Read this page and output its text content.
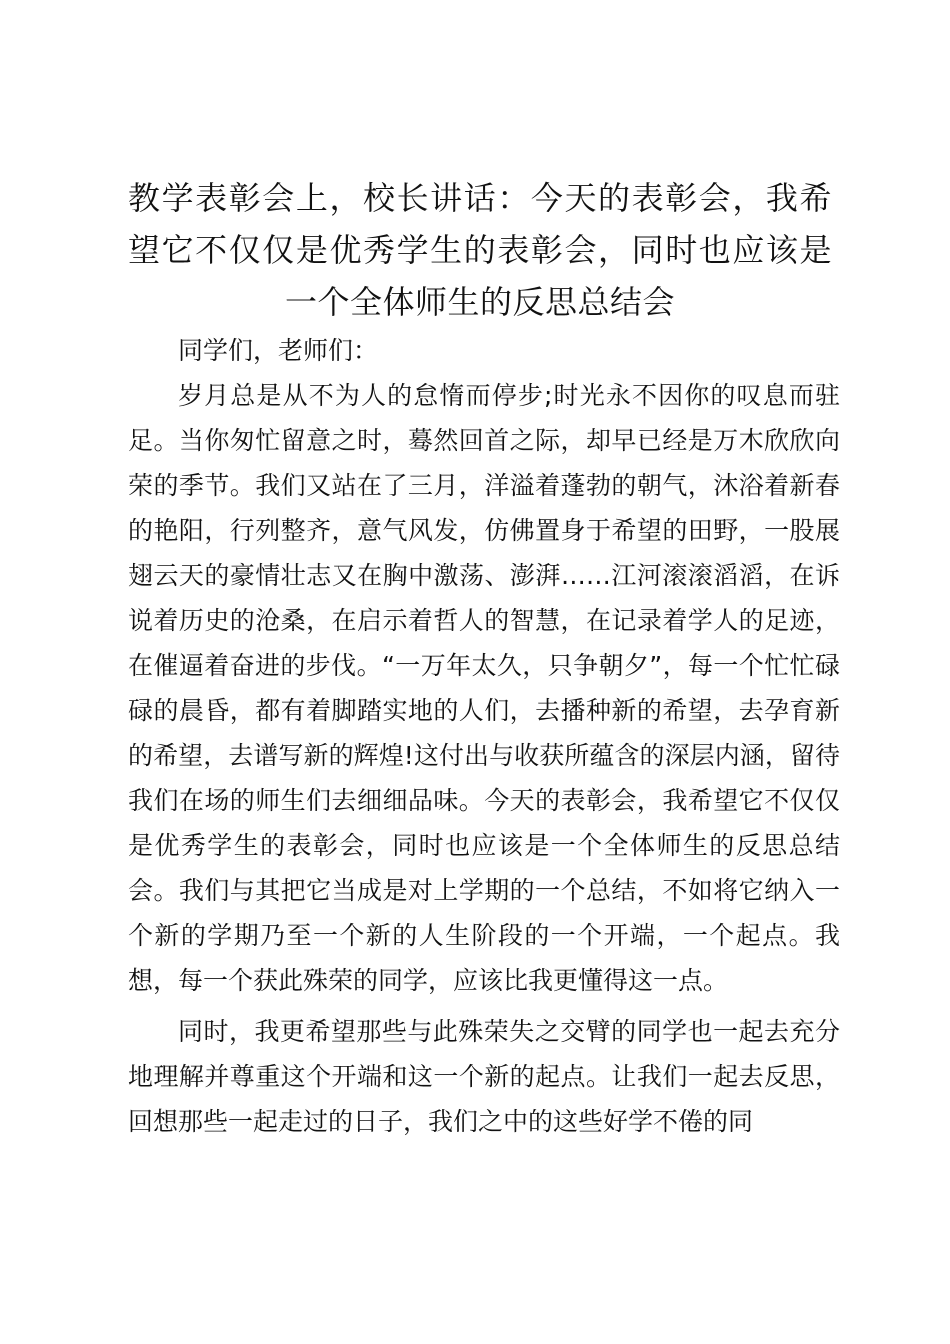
教学表彰会上，校长讲话：今天的表彰会，我希望它不仅仅是优秀学生的表彰会，同时也应该是一个全体师生的反思总结会

同学们，老师们：

岁月总是从不为人的怠惰而停步;时光永不因你的叹息而驻足。当你匆忙留意之时，蓦然回首之际，却早已经是万木欣欣向荣的季节。我们又站在了三月，洋溢着蓬勃的朝气，沐浴着新春的艳阳，行列整齐，意气风发，仿佛置身于希望的田野，一股展翅云天的豪情壮志又在胸中激荡、澎湃……江河滚滚滔滔，在诉说着历史的沧桑，在启示着哲人的智慧，在记录着学人的足迹，在催逼着奋进的步伐。“一万年太久，只争朝夕”，每一个忙忙碌碌的晨昏，都有着脚踏实地的人们，去播种新的希望，去孕育新的希望，去谱写新的辉煌!这付出与收获所蕴含的深层内涵，留待我们在场的师生们去细细品味。今天的表彰会，我希望它不仅仅是优秀学生的表彰会，同时也应该是一个全体师生的反思总结会。我们与其把它当成是对上学期的一个总结，不如将它纳入一个新的学期乃至一个新的人生阶段的一个开端，一个起点。我想，每一个获此殊荣的同学，应该比我更懂得这一点。

同时，我更希望那些与此殊荣失之交臂的同学也一起去充分地理解并尊重这个开端和这一个新的起点。让我们一起去反思，回想那些一起走过的日子，我们之中的这些好学不倦的同
